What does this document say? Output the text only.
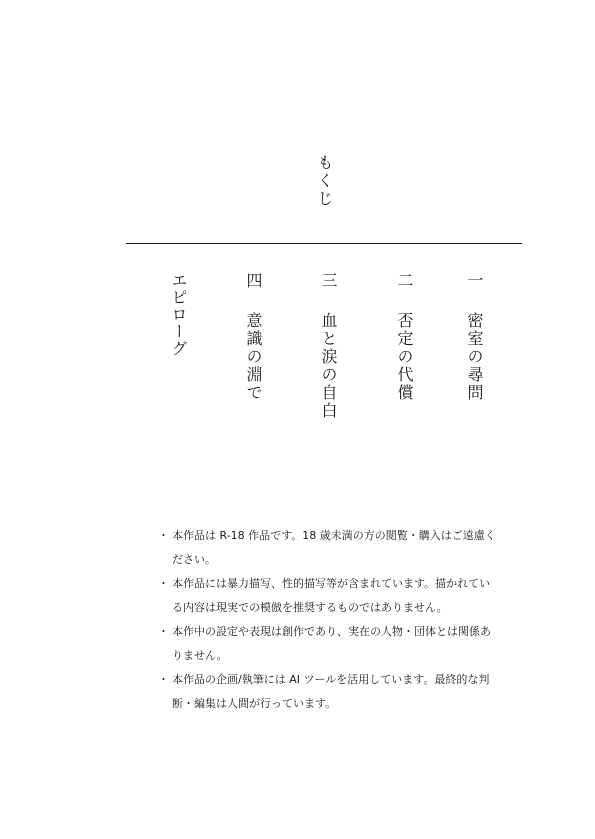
もくじ
一
密室の尋問
二
否定の代償
三
血と涙の自白
四
意識の淵で
エピローグ
・ 本作品は R-18 作品です。18 歳未満の方の閲覧・購入はご遠慮ください。
・ 本作品には暴力描写、性的描写等が含まれています。描かれている内容は現実での模倣を推奨するものではありません。
・ 本作中の設定や表現は創作であり、実在の人物・団体とは関係ありません。
・ 本作品の企画/執筆には AI ツールを活用しています。最終的な判断・編集は人間が行っています。
